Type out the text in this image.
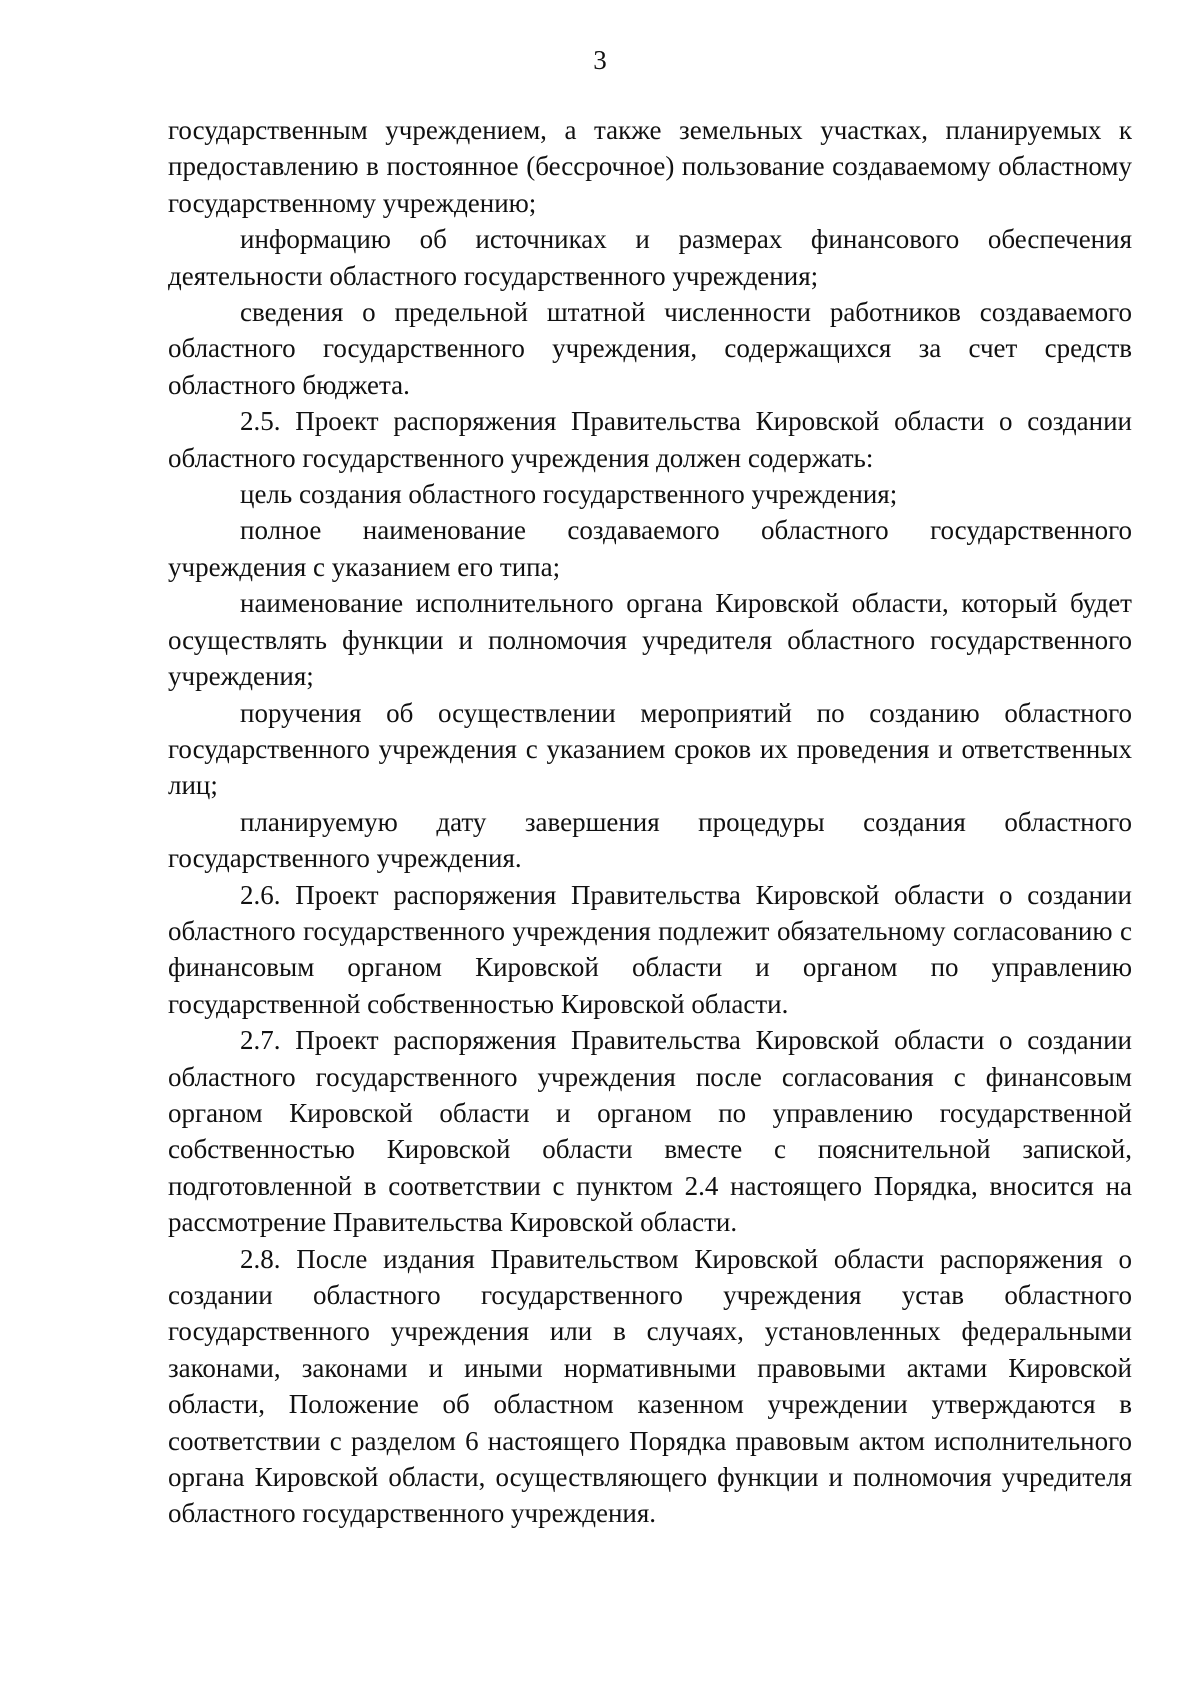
3

государственным учреждением, а также земельных участках, планируемых к предоставлению в постоянное (бессрочное) пользование создаваемому областному государственному учреждению;

информацию об источниках и размерах финансового обеспечения деятельности областного государственного учреждения;

сведения о предельной штатной численности работников создаваемого областного государственного учреждения, содержащихся за счет средств областного бюджета.

2.5. Проект распоряжения Правительства Кировской области о создании областного государственного учреждения должен содержать:

цель создания областного государственного учреждения;

полное наименование создаваемого областного государственного учреждения с указанием его типа;

наименование исполнительного органа Кировской области, который будет осуществлять функции и полномочия учредителя областного государственного учреждения;

поручения об осуществлении мероприятий по созданию областного государственного учреждения с указанием сроков их проведения и ответственных лиц;

планируемую дату завершения процедуры создания областного государственного учреждения.

2.6. Проект распоряжения Правительства Кировской области о создании областного государственного учреждения подлежит обязательному согласованию с финансовым органом Кировской области и органом по управлению государственной собственностью Кировской области.

2.7. Проект распоряжения Правительства Кировской области о создании областного государственного учреждения после согласования с финансовым органом Кировской области и органом по управлению государственной собственностью Кировской области вместе с пояснительной запиской, подготовленной в соответствии с пунктом 2.4 настоящего Порядка, вносится на рассмотрение Правительства Кировской области.

2.8. После издания Правительством Кировской области распоряжения о создании областного государственного учреждения устав областного государственного учреждения или в случаях, установленных федеральными законами, законами и иными нормативными правовыми актами Кировской области, Положение об областном казенном учреждении утверждаются в соответствии с разделом 6 настоящего Порядка правовым актом исполнительного органа Кировской области, осуществляющего функции и полномочия учредителя областного государственного учреждения.
